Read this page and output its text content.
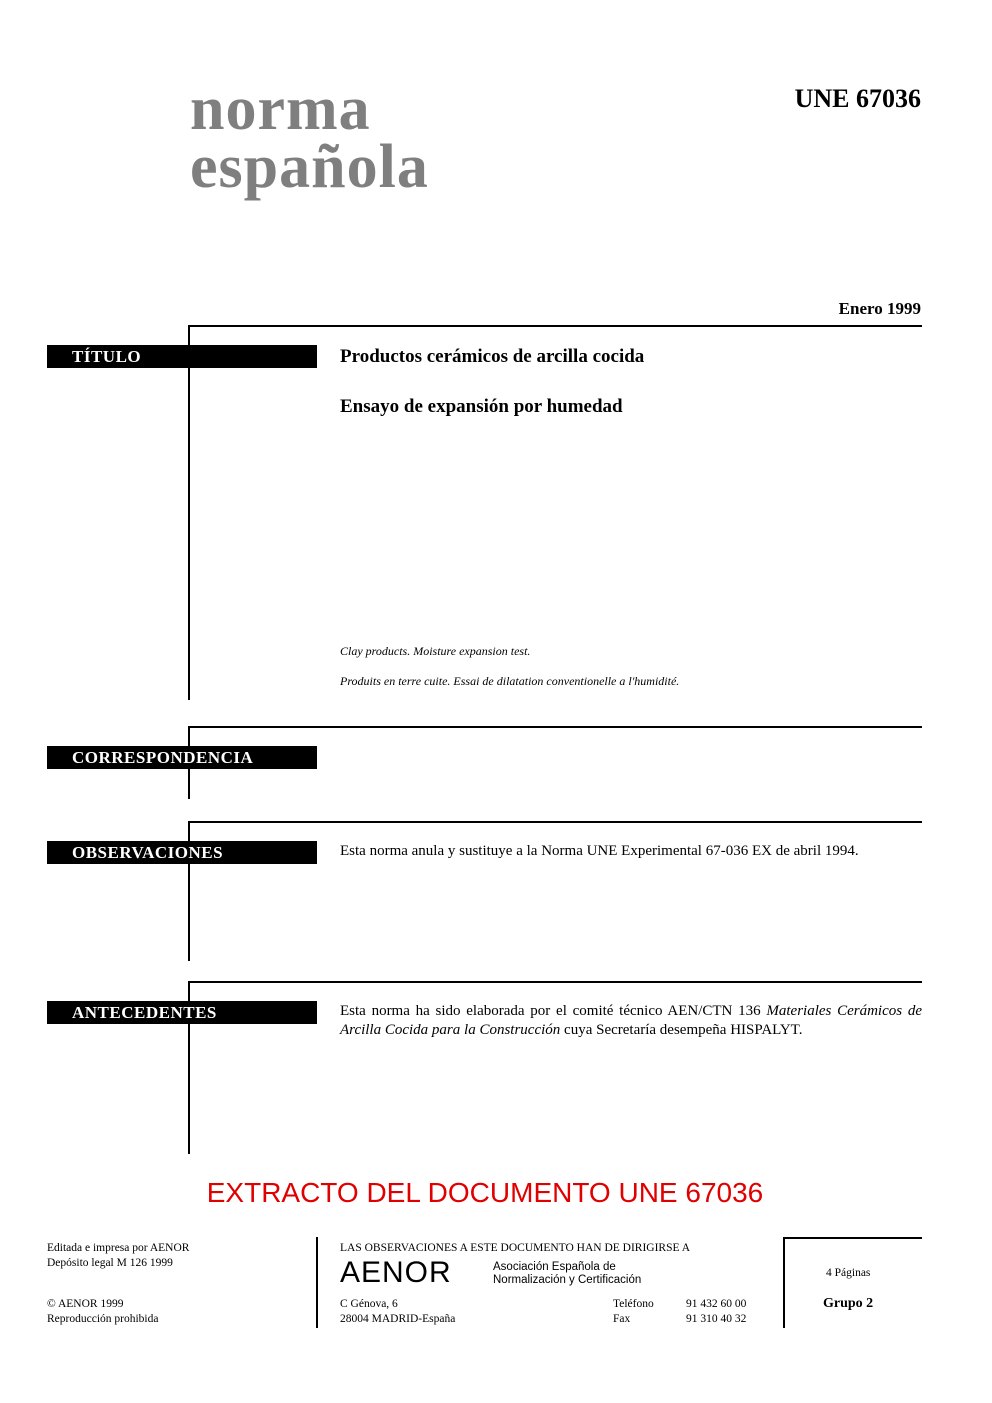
norma
española
UNE 67036
Enero 1999
TÍTULO	Productos cerámicos de arcilla cocida
Ensayo de expansión por humedad
Clay products. Moisture expansion test.
Produits en terre cuite. Essai de dilatation conventionelle a l'humidité.
CORRESPONDENCIA
OBSERVACIONES	Esta norma anula y sustituye a la Norma UNE Experimental 67-036 EX de abril 1994.
ANTECEDENTES	Esta norma ha sido elaborada por el comité técnico AEN/CTN 136 Materiales Cerámicos de Arcilla Cocida para la Construcción cuya Secretaría desempeña HISPALYT.
EXTRACTO DEL DOCUMENTO UNE 67036
Editada e impresa por AENOR
Depósito legal M 126 1999
© AENOR 1999
Reproducción prohibida
LAS OBSERVACIONES A ESTE DOCUMENTO HAN DE DIRIGIRSE A
AENOR	Asociación Española de
Normalización y Certificación
C Génova, 6
28004 MADRID-España
Teléfono	91 432 60 00
Fax	91 310 40 32
4 Páginas
Grupo 2
